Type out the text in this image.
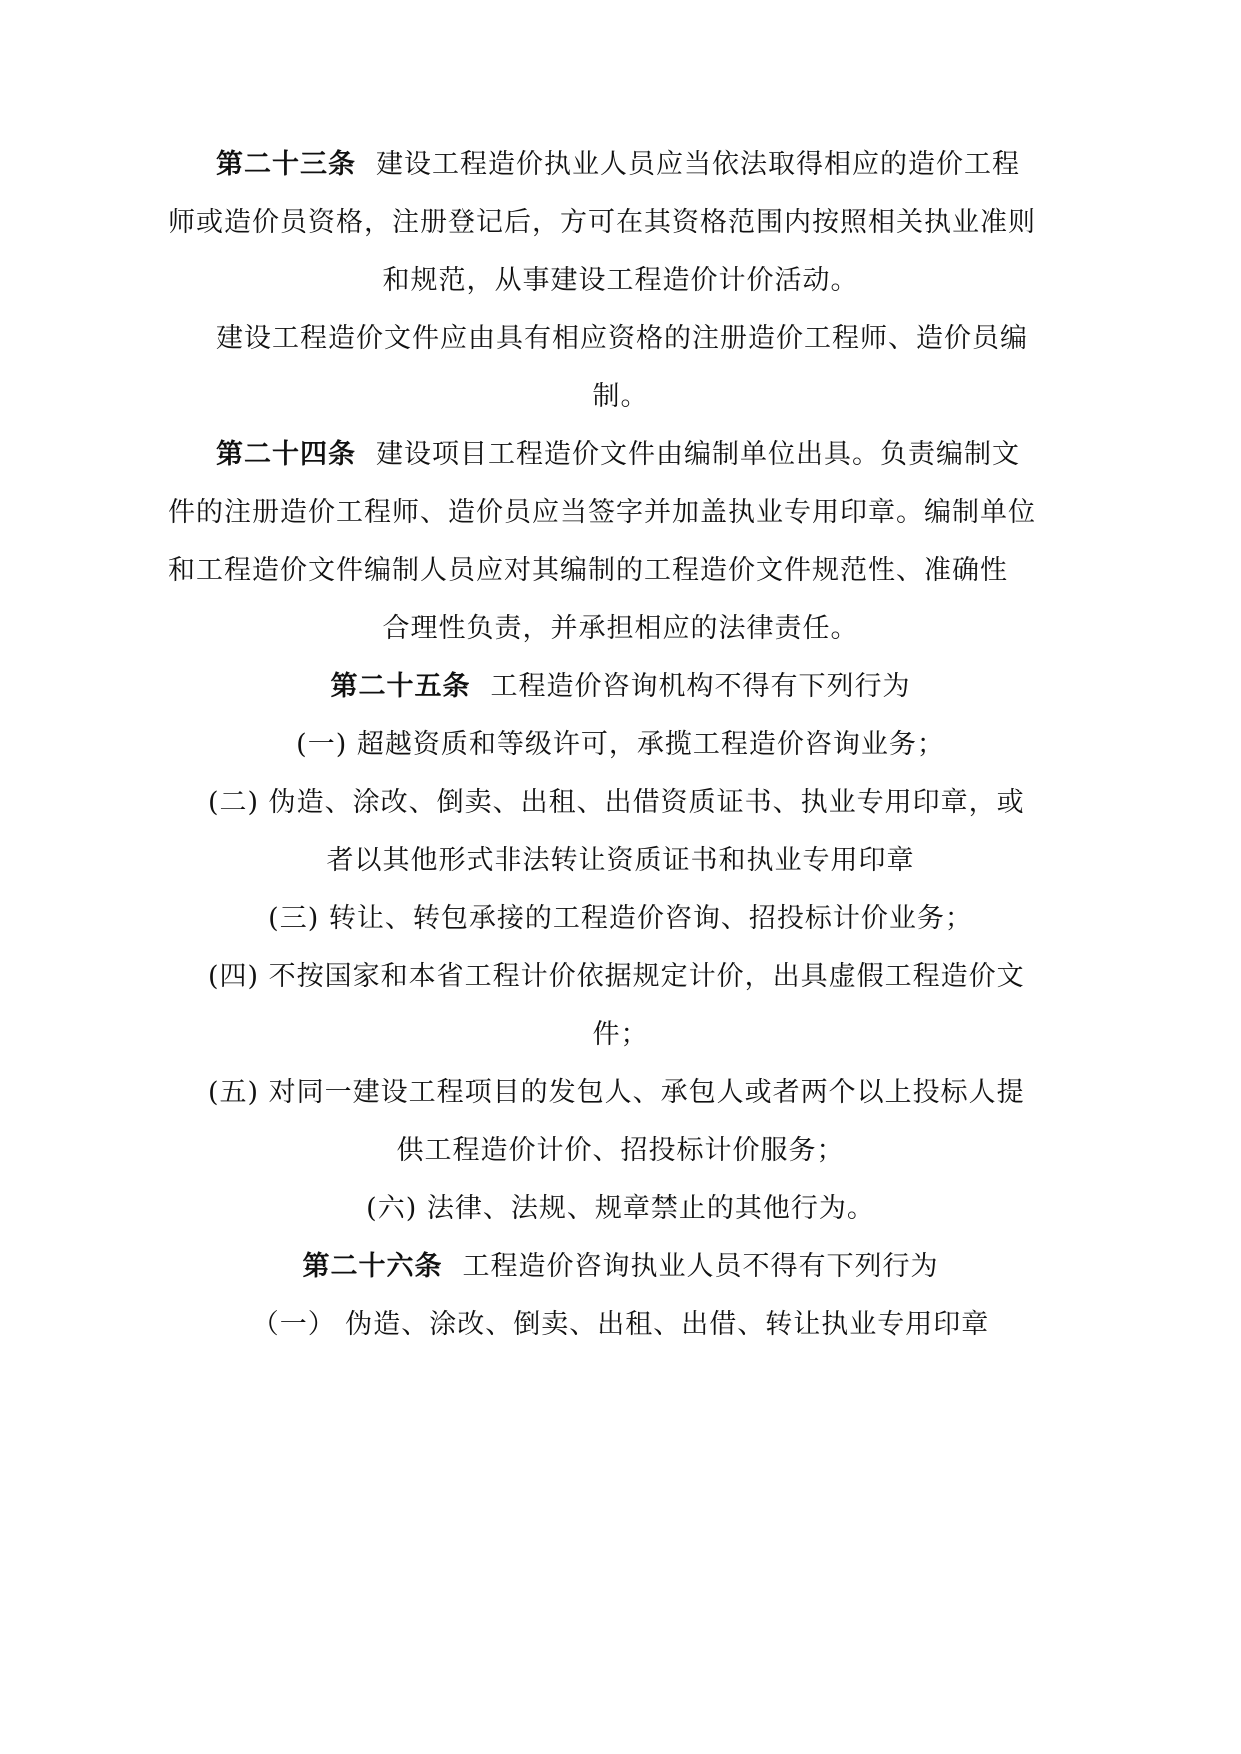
第二十三条 建设工程造价执业人员应当依法取得相应的造价工程
师或造价员资格，注册登记后，方可在其资格范围内按照相关执业准则
和规范，从事建设工程造价计价活动。
建设工程造价文件应由具有相应资格的注册造价工程师、造价员编
制。
第二十四条 建设项目工程造价文件由编制单位出具。负责编制文
件的注册造价工程师、造价员应当签字并加盖执业专用印章。编制单位
和工程造价文件编制人员应对其编制的工程造价文件规范性、准确性
合理性负责，并承担相应的法律责任。
第二十五条 工程造价咨询机构不得有下列行为
(一) 超越资质和等级许可，承揽工程造价咨询业务；
(二) 伪造、涂改、倒卖、出租、出借资质证书、执业专用印章，或
者以其他形式非法转让资质证书和执业专用印章
(三) 转让、转包承接的工程造价咨询、招投标计价业务；
(四) 不按国家和本省工程计价依据规定计价，出具虚假工程造价文
件；
(五) 对同一建设工程项目的发包人、承包人或者两个以上投标人提
供工程造价计价、招投标计价服务；
(六) 法律、法规、规章禁止的其他行为。
第二十六条 工程造价咨询执业人员不得有下列行为
（一） 伪造、涂改、倒卖、出租、出借、转让执业专用印章
